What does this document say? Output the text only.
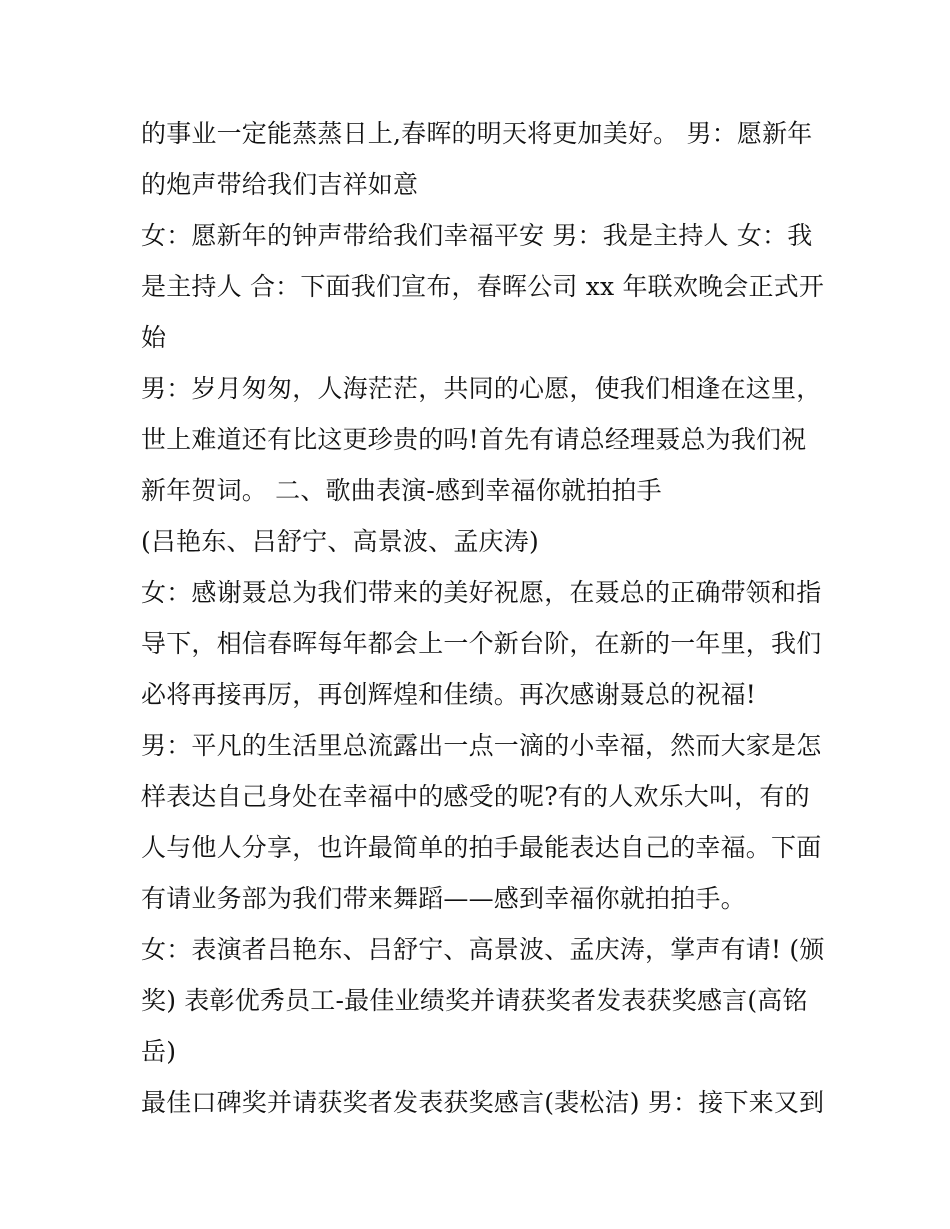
的事业一定能蒸蒸日上,春晖的明天将更加美好。 男：愿新年
的炮声带给我们吉祥如意
女：愿新年的钟声带给我们幸福平安 男：我是主持人 女：我
是主持人 合：下面我们宣布，春晖公司 xx 年联欢晚会正式开
始
男：岁月匆匆，人海茫茫，共同的心愿，使我们相逢在这里，
世上难道还有比这更珍贵的吗!首先有请总经理聂总为我们祝
新年贺词。 二、歌曲表演-感到幸福你就拍拍手
(吕艳东、吕舒宁、高景波、孟庆涛)
女：感谢聂总为我们带来的美好祝愿，在聂总的正确带领和指
导下，相信春晖每年都会上一个新台阶，在新的一年里，我们
必将再接再厉，再创辉煌和佳绩。再次感谢聂总的祝福!
男：平凡的生活里总流露出一点一滴的小幸福，然而大家是怎
样表达自己身处在幸福中的感受的呢?有的人欢乐大叫，有的
人与他人分享，也许最简单的拍手最能表达自己的幸福。下面
有请业务部为我们带来舞蹈——感到幸福你就拍拍手。
女：表演者吕艳东、吕舒宁、高景波、孟庆涛，掌声有请! (颁
奖) 表彰优秀员工-最佳业绩奖并请获奖者发表获奖感言(高铭
岳)
最佳口碑奖并请获奖者发表获奖感言(裴松洁) 男：接下来又到
